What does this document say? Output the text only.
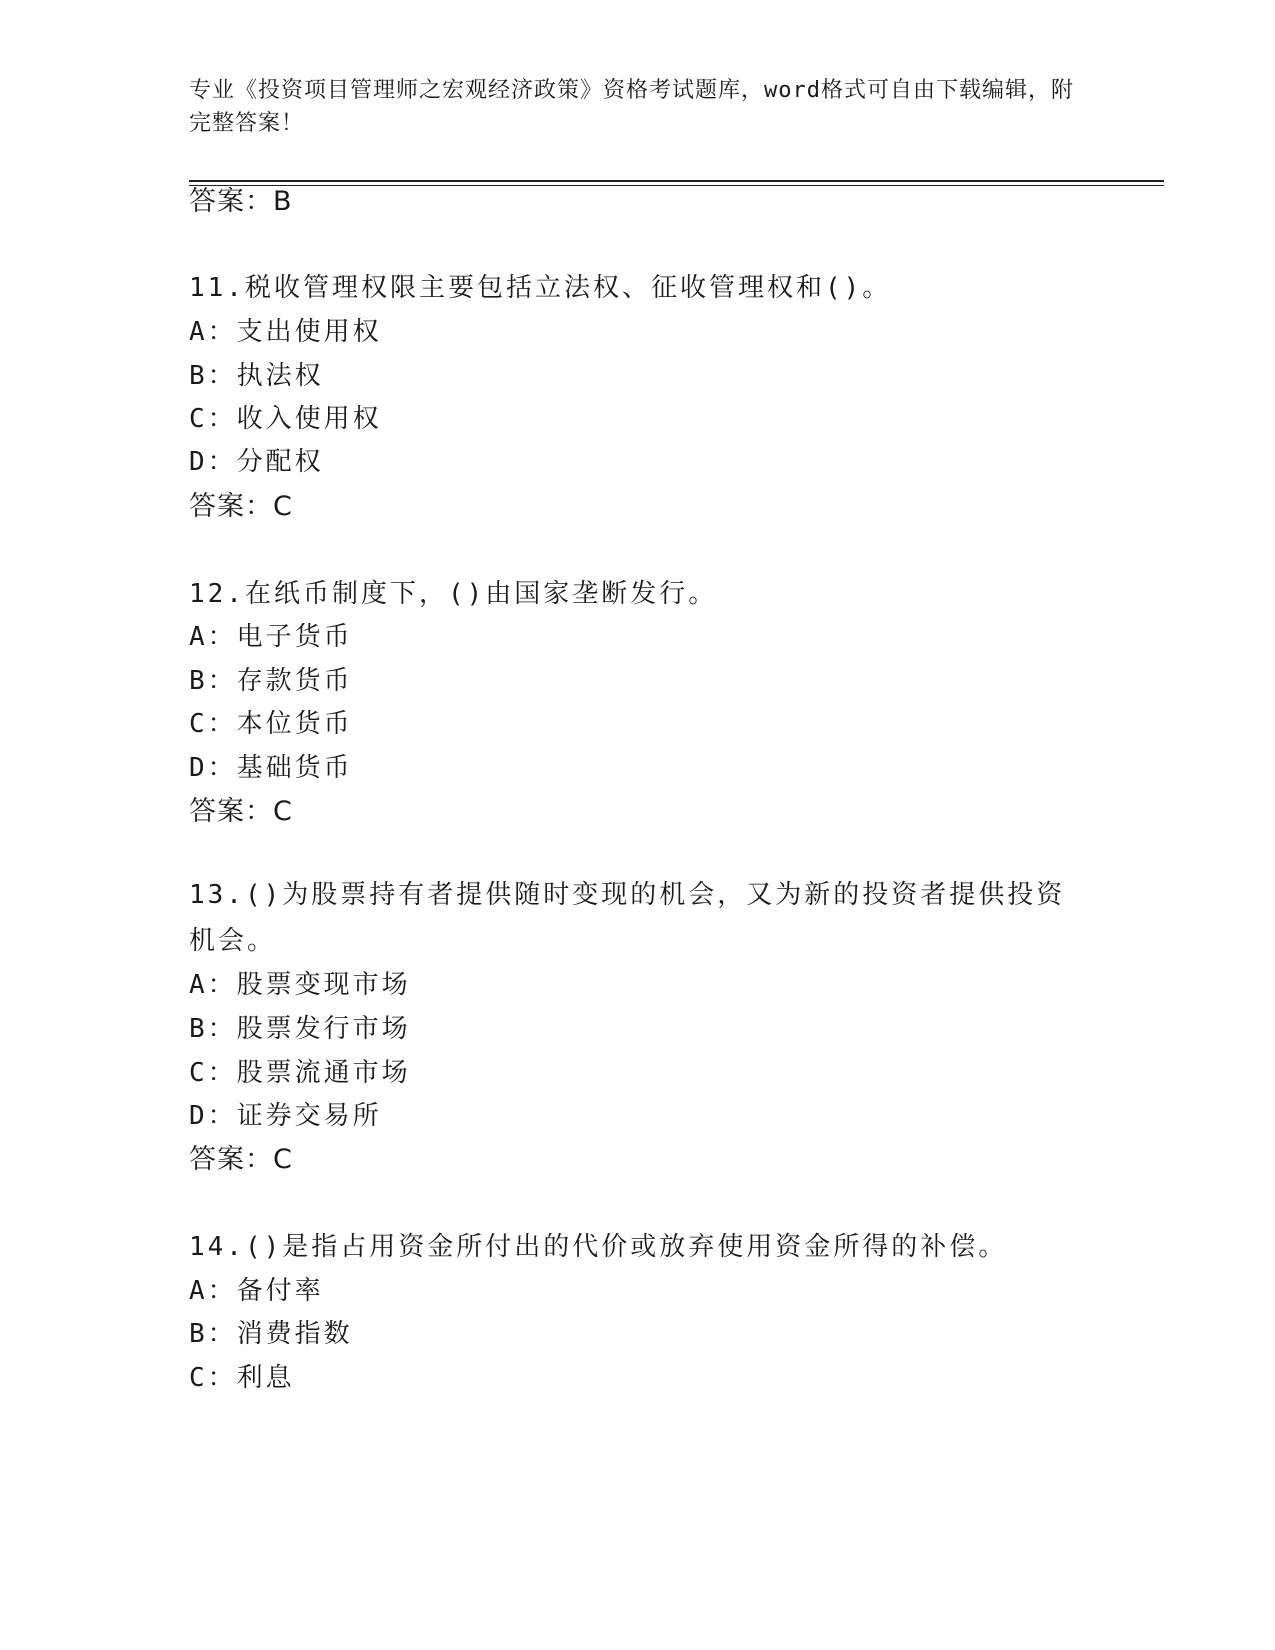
专业《投资项目管理师之宏观经济政策》资格考试题库，word格式可自由下载编辑，附完整答案！
答案：B
11.税收管理权限主要包括立法权、征收管理权和()。
A：支出使用权
B：执法权
C：收入使用权
D：分配权
答案：C
12.在纸币制度下，()由国家垄断发行。
A：电子货币
B：存款货币
C：本位货币
D：基础货币
答案：C
13.()为股票持有者提供随时变现的机会，又为新的投资者提供投资机会。
A：股票变现市场
B：股票发行市场
C：股票流通市场
D：证券交易所
答案：C
14.()是指占用资金所付出的代价或放弃使用资金所得的补偿。
A：备付率
B：消费指数
C：利息
